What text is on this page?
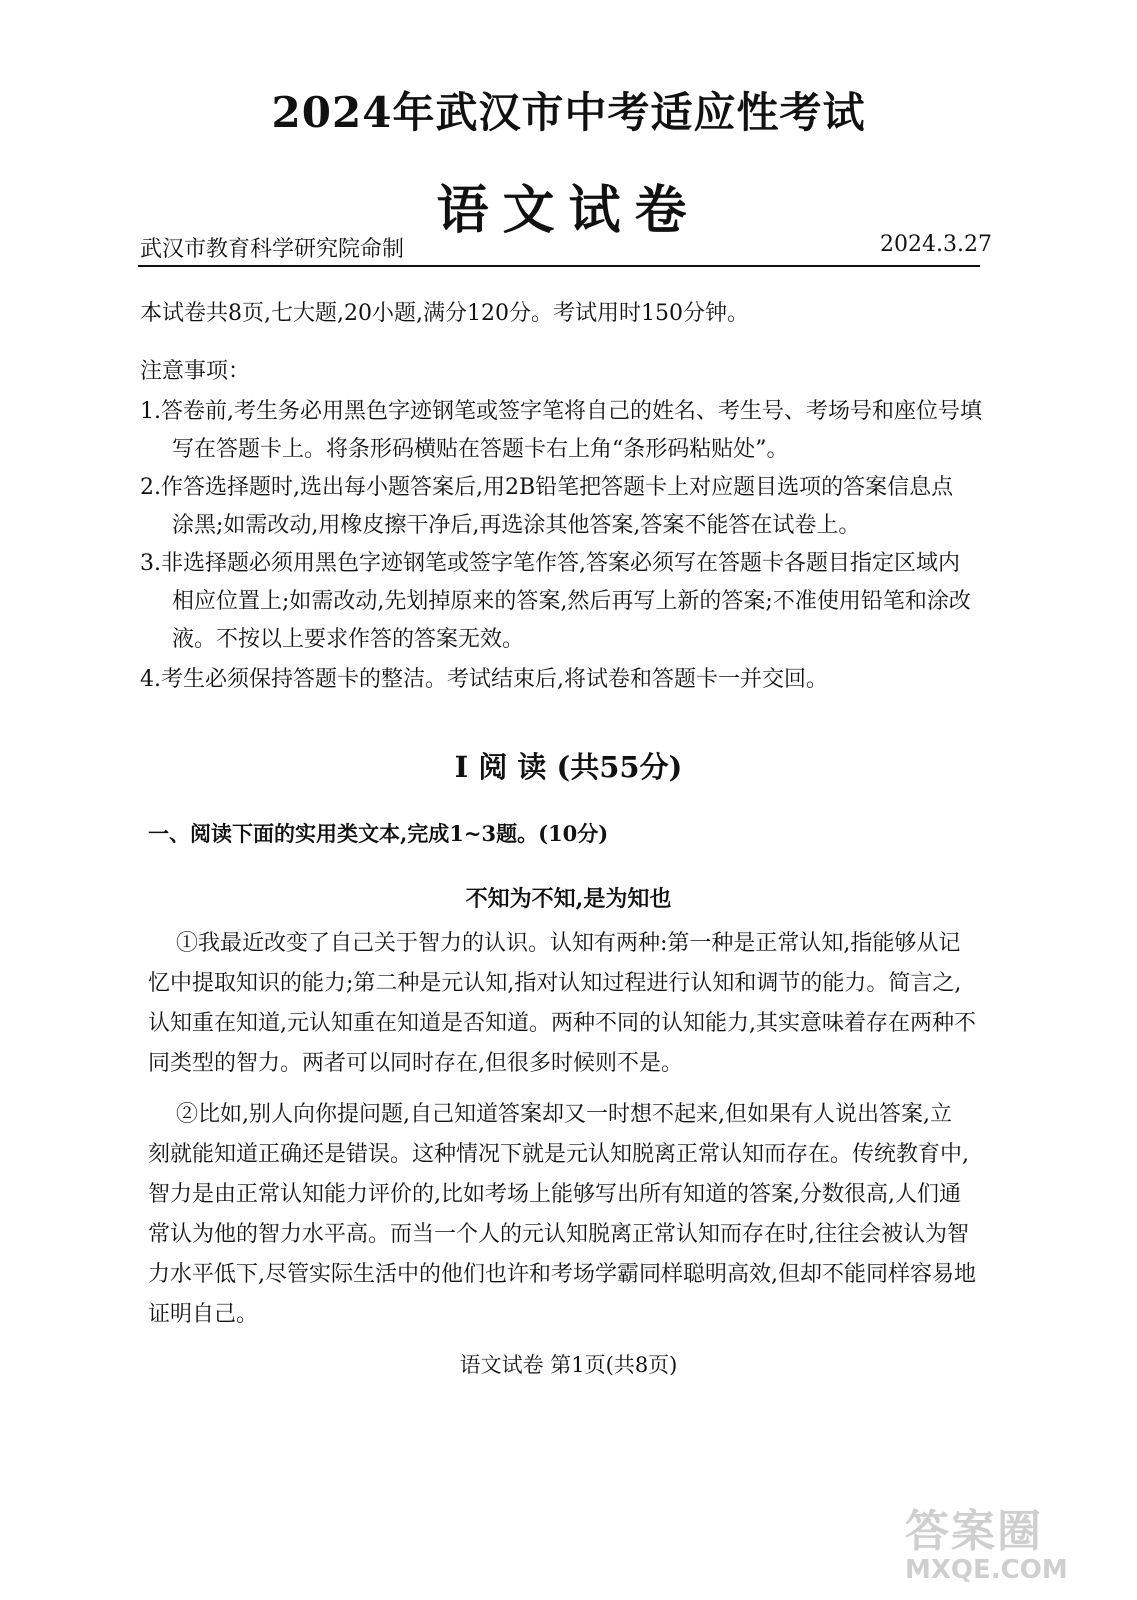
2024年武汉市中考适应性考试
语文试卷
武汉市教育科学研究院命制	2024.3.27
本试卷共8页,七大题,20小题,满分120分。考试用时150分钟。
注意事项：
1.答卷前,考生务必用黑色字迹钢笔或签字笔将自己的姓名、考生号、考场号和座位号填
写在答题卡上。将条形码横贴在答题卡右上角“条形码粘贴处”。
2.作答选择题时,选出每小题答案后,用2B铅笔把答题卡上对应题目选项的答案信息点
涂黑;如需改动,用橡皮擦干净后,再选涂其他答案,答案不能答在试卷上。
3.非选择题必须用黑色字迹钢笔或签字笔作答,答案必须写在答题卡各题目指定区域内
相应位置上;如需改动,先划掉原来的答案,然后再写上新的答案;不准使用铅笔和涂改
液。不按以上要求作答的答案无效。
4.考生必须保持答题卡的整洁。考试结束后,将试卷和答题卡一并交回。
I 阅 读 (共55分)
一、阅读下面的实用类文本,完成1~3题。(10分)
不知为不知,是为知也
①我最近改变了自己关于智力的认识。认知有两种:第一种是正常认知,指能够从记
忆中提取知识的能力;第二种是元认知,指对认知过程进行认知和调节的能力。简言之,
认知重在知道,元认知重在知道是否知道。两种不同的认知能力,其实意味着存在两种不
同类型的智力。两者可以同时存在,但很多时候则不是。
②比如,别人向你提问题,自己知道答案却又一时想不起来,但如果有人说出答案,立
刻就能知道正确还是错误。这种情况下就是元认知脱离正常认知而存在。传统教育中,
智力是由正常认知能力评价的,比如考场上能够写出所有知道的答案,分数很高,人们通
常认为他的智力水平高。而当一个人的元认知脱离正常认知而存在时,往往会被认为智
力水平低下,尽管实际生活中的他们也许和考场学霸同样聪明高效,但却不能同样容易地
证明自己。
语文试卷 第1页(共8页)
答案圈
MXQE.COM
